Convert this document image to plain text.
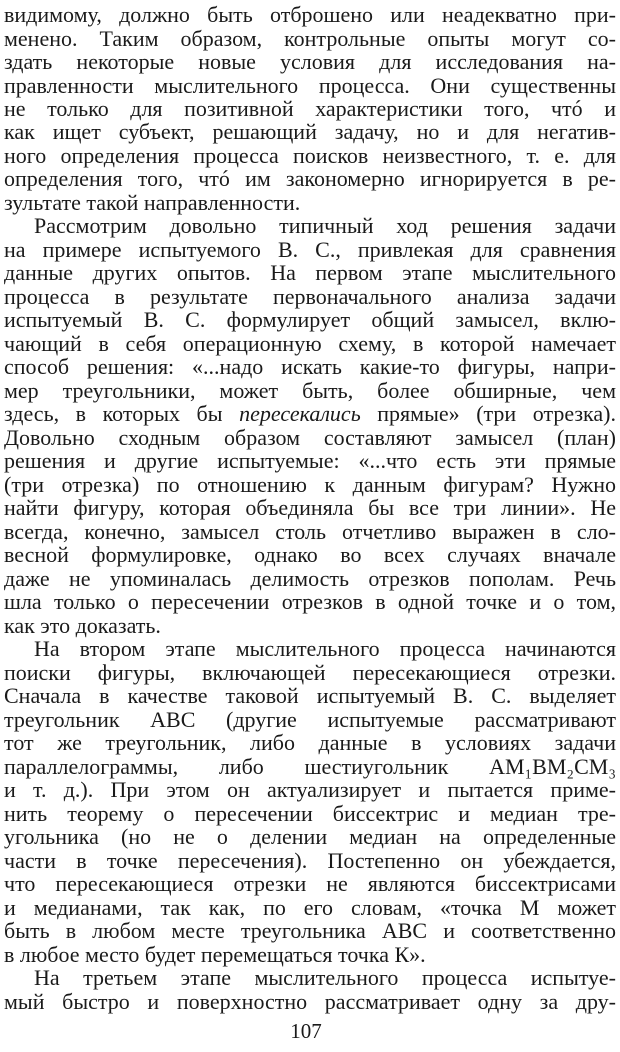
видимому, должно быть отброшено или неадекватно при-
менено. Таким образом, контрольные опыты могут со-
здать некоторые новые условия для исследования на-
правленности мыслительного процесса. Они существенны
не только для позитивной характеристики того, чтó и
как ищет субъект, решающий задачу, но и для негатив-
ного определения процесса поисков неизвестного, т. е. для
определения того, чтó им закономерно игнорируется в ре-
зультате такой направленности.
Рассмотрим довольно типичный ход решения задачи
на примере испытуемого В. С., привлекая для сравнения
данные других опытов. На первом этапе мыслительного
процесса в результате первоначального анализа задачи
испытуемый В. С. формулирует общий замысел, вклю-
чающий в себя операционную схему, в которой намечает
способ решения: «...надо искать какие-то фигуры, напри-
мер треугольники, может быть, более обширные, чем
здесь, в которых бы пересекались прямые» (три отрезка).
Довольно сходным образом составляют замысел (план)
решения и другие испытуемые: «...что есть эти прямые
(три отрезка) по отношению к данным фигурам? Нужно
найти фигуру, которая объединяла бы все три линии». Не
всегда, конечно, замысел столь отчетливо выражен в сло-
весной формулировке, однако во всех случаях вначале
даже не упоминалась делимость отрезков пополам. Речь
шла только о пересечении отрезков в одной точке и о том,
как это доказать.
На втором этапе мыслительного процесса начинаются
поиски фигуры, включающей пересекающиеся отрезки.
Сначала в качестве таковой испытуемый В. С. выделяет
треугольник ABC (другие испытуемые рассматривают
тот же треугольник, либо данные в условиях задачи
параллелограммы, либо шестиугольник AM₁BM₂CM₃
и т. д.). При этом он актуализирует и пытается приме-
нить теорему о пересечении биссектрис и медиан тре-
угольника (но не о делении медиан на определенные
части в точке пересечения). Постепенно он убеждается,
что пересекающиеся отрезки не являются биссектрисами
и медианами, так как, по его словам, «точка М может
быть в любом месте треугольника ABC и соответственно
в любое место будет перемещаться точка К».
На третьем этапе мыслительного процесса испытуе-
мый быстро и поверхностно рассматривает одну за дру-
107
